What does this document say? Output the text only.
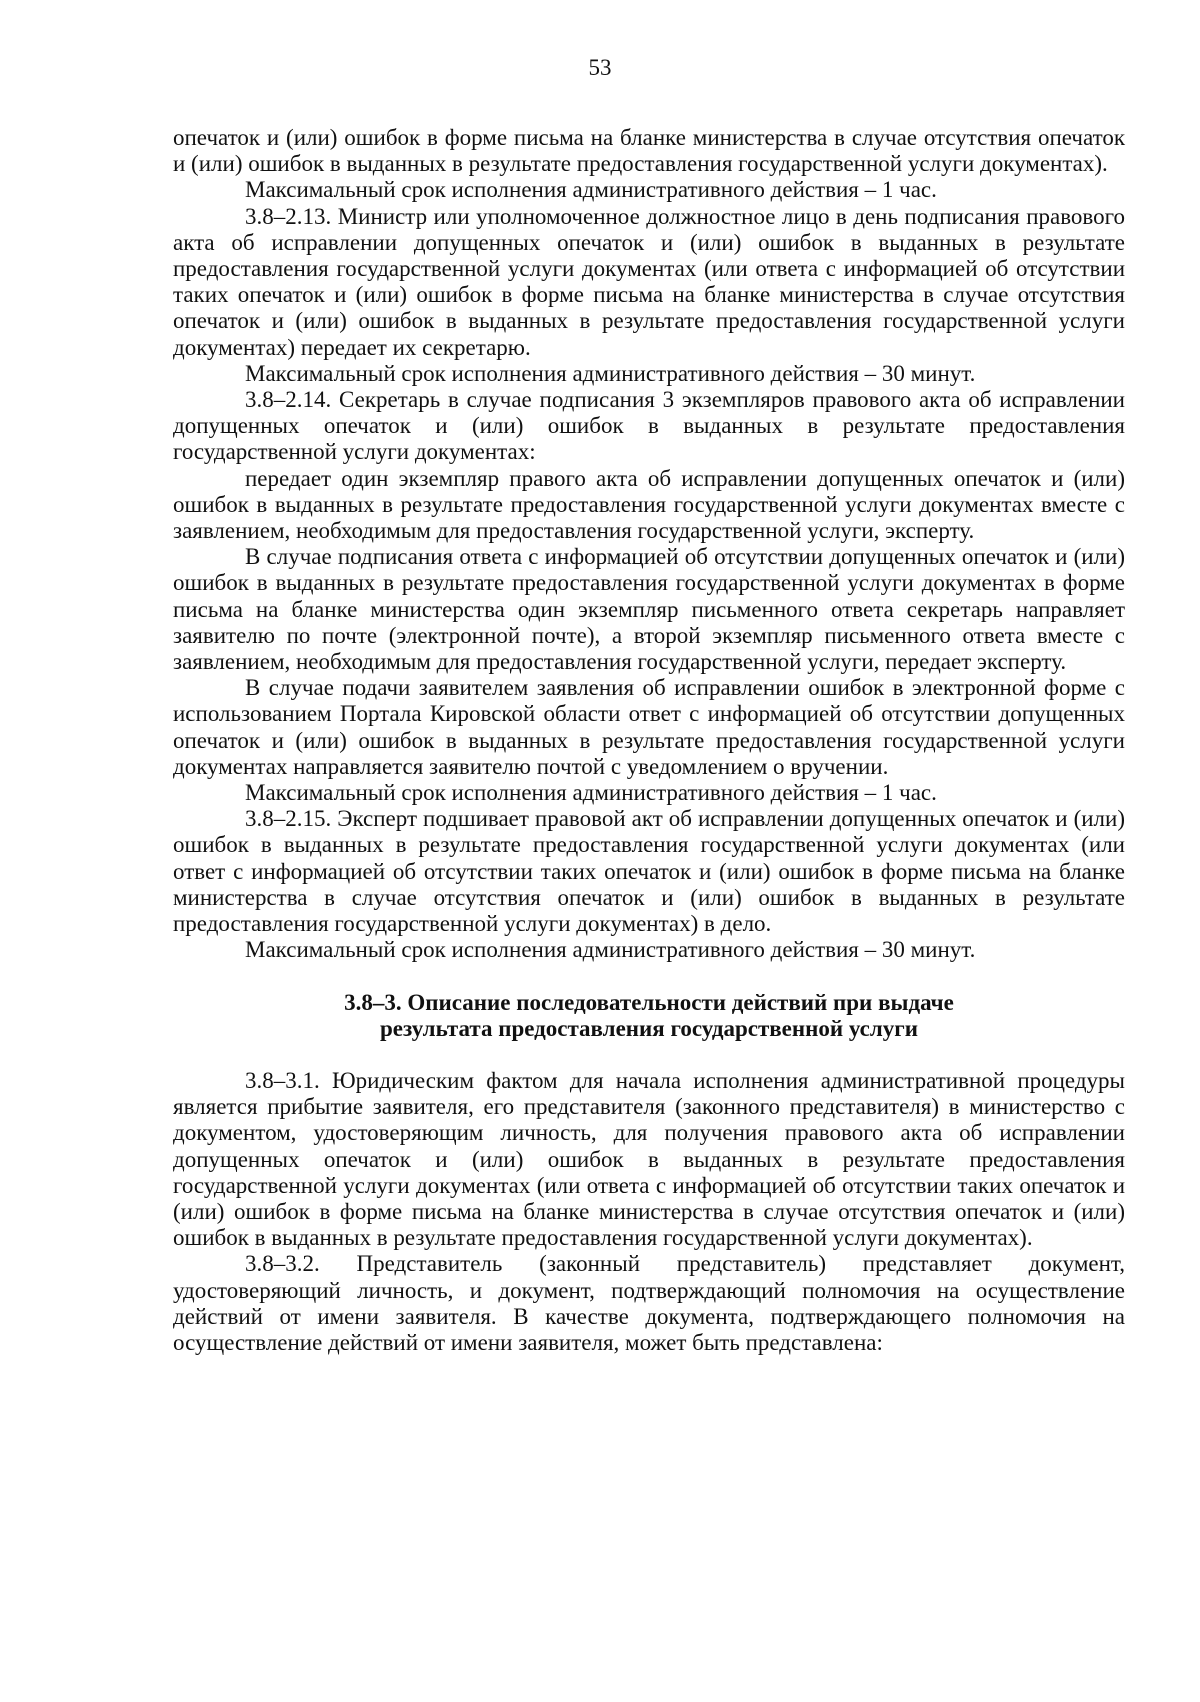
53

опечаток и (или) ошибок в форме письма на бланке министерства в случае отсутствия опечаток и (или) ошибок в выданных в результате предоставления государственной услуги документах).

Максимальный срок исполнения административного действия – 1 час.

3.8–2.13. Министр или уполномоченное должностное лицо в день подписания правового акта об исправлении допущенных опечаток и (или) ошибок в выданных в результате предоставления государственной услуги документах (или ответа с информацией об отсутствии таких опечаток и (или) ошибок в форме письма на бланке министерства в случае отсутствия опечаток и (или) ошибок в выданных в результате предоставления государственной услуги документах) передает их секретарю.

Максимальный срок исполнения административного действия – 30 минут.

3.8–2.14. Секретарь в случае подписания 3 экземпляров правового акта об исправлении допущенных опечаток и (или) ошибок в выданных в результате предоставления государственной услуги документах:

передает один экземпляр правого акта об исправлении допущенных опечаток и (или) ошибок в выданных в результате предоставления государственной услуги документах вместе с заявлением, необходимым для предоставления государственной услуги, эксперту.

В случае подписания ответа с информацией об отсутствии допущенных опечаток и (или) ошибок в выданных в результате предоставления государственной услуги документах в форме письма на бланке министерства один экземпляр письменного ответа секретарь направляет заявителю по почте (электронной почте), а второй экземпляр письменного ответа вместе с заявлением, необходимым для предоставления государственной услуги, передает эксперту.

В случае подачи заявителем заявления об исправлении ошибок в электронной форме с использованием Портала Кировской области ответ с информацией об отсутствии допущенных опечаток и (или) ошибок в выданных в результате предоставления государственной услуги документах направляется заявителю почтой с уведомлением о вручении.

Максимальный срок исполнения административного действия – 1 час.

3.8–2.15. Эксперт подшивает правовой акт об исправлении допущенных опечаток и (или) ошибок в выданных в результате предоставления государственной услуги документах (или ответ с информацией об отсутствии таких опечаток и (или) ошибок в форме письма на бланке министерства в случае отсутствия опечаток и (или) ошибок в выданных в результате предоставления государственной услуги документах) в дело.

Максимальный срок исполнения административного действия – 30 минут.

3.8–3. Описание последовательности действий при выдаче
результата предоставления государственной услуги

3.8–3.1. Юридическим фактом для начала исполнения административной процедуры является прибытие заявителя, его представителя (законного представителя) в министерство с документом, удостоверяющим личность, для получения правового акта об исправлении допущенных опечаток и (или) ошибок в выданных в результате предоставления государственной услуги документах (или ответа с информацией об отсутствии таких опечаток и (или) ошибок в форме письма на бланке министерства в случае отсутствия опечаток и (или) ошибок в выданных в результате предоставления государственной услуги документах).

3.8–3.2. Представитель (законный представитель) представляет документ, удостоверяющий личность, и документ, подтверждающий полномочия на осуществление действий от имени заявителя. В качестве документа, подтверждающего полномочия на осуществление действий от имени заявителя, может быть представлена:
